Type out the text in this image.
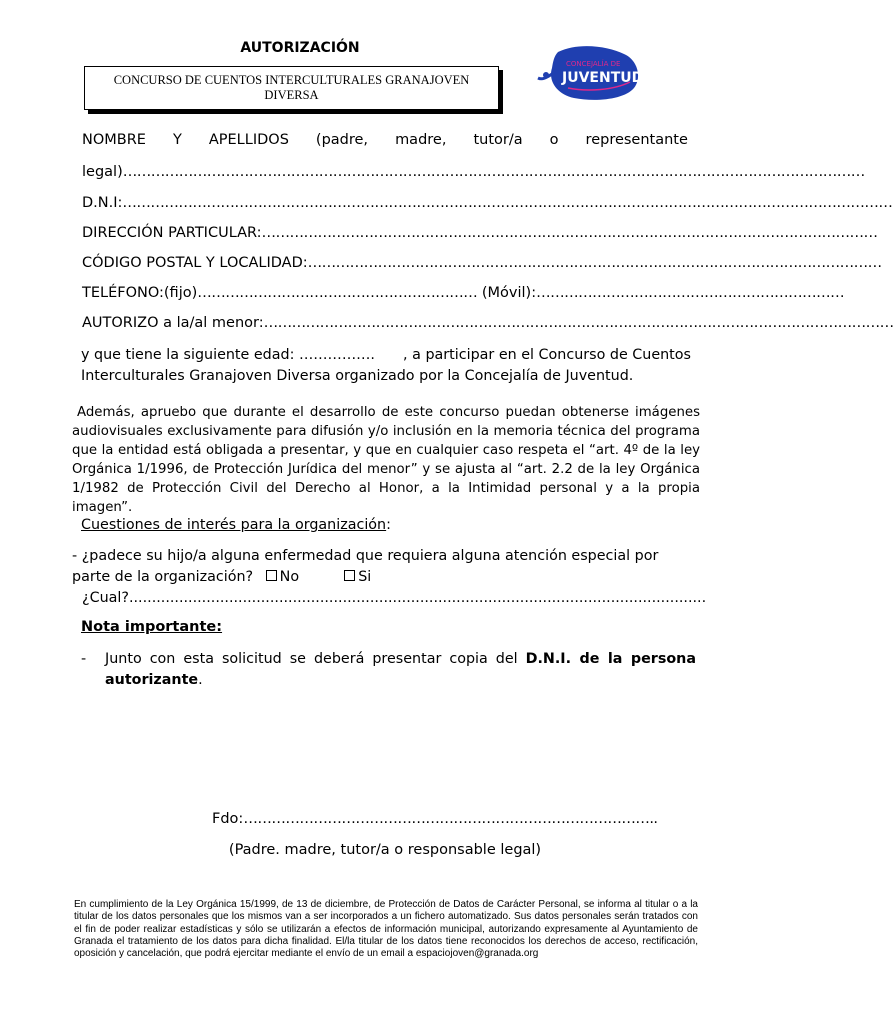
AUTORIZACIÓN
CONCURSO DE CUENTOS INTERCULTURALES GRANAJOVEN
DIVERSA
CONCEJALÍA DE
JUVENTUD
NOMBRE Y APELLIDOS (padre, madre, tutor/a o representante
legal)……………………………………………………………………………………………………………………………………………
D.N.I:…………………………………………………………………………………………………………………………………………………
DIRECCIÓN PARTICULAR:……………………………………………………………………………………………………………………
CÓDIGO POSTAL Y LOCALIDAD:……………………………………………………………………………………………………………
TELÉFONO:(fijo)…………………………………………………… (Móvil):…………………………………………………………
AUTORIZO a la/al menor:………………………………………………………………………………………………………………………
y que tiene la siguiente edad: ……………. , a participar en el Concurso de Cuentos
Interculturales Granajoven Diversa organizado por la Concejalía de Juventud.
Además, apruebo que durante el desarrollo de este concurso puedan obtenerse imágenes audiovisuales exclusivamente para difusión y/o inclusión en la memoria técnica del programa que la entidad está obligada a presentar, y que en cualquier caso respeta el “art. 4º de la ley Orgánica 1/1996, de Protección Jurídica del menor” y se ajusta al “art. 2.2 de la ley Orgánica 1/1982 de Protección Civil del Derecho al Honor, a la Intimidad personal y a la propia imagen”.
Cuestiones de interés para la organización:
- ¿padece su hijo/a alguna enfermedad que requiera alguna atención especial por
parte de la organización? No	Si
¿Cual?...............................................................................................................................
Nota importante:
-	Junto con esta solicitud se deberá presentar copia del D.N.I. de la persona
autorizante.
Fdo:……………………………………………………………………………..
(Padre. madre, tutor/a o responsable legal)
En cumplimiento de la Ley Orgánica 15/1999, de 13 de diciembre, de Protección de Datos de Carácter Personal, se informa al titular o a la titular de los datos personales que los mismos van a ser incorporados a un fichero automatizado. Sus datos personales serán tratados con el fin de poder realizar estadísticas y sólo se utilizarán a efectos de información municipal, autorizando expresamente al Ayuntamiento de Granada el tratamiento de los datos para dicha finalidad. El/la titular de los datos tiene reconocidos los derechos de acceso, rectificación, oposición y cancelación, que podrá ejercitar mediante el envío de un email a espaciojoven@granada.org
